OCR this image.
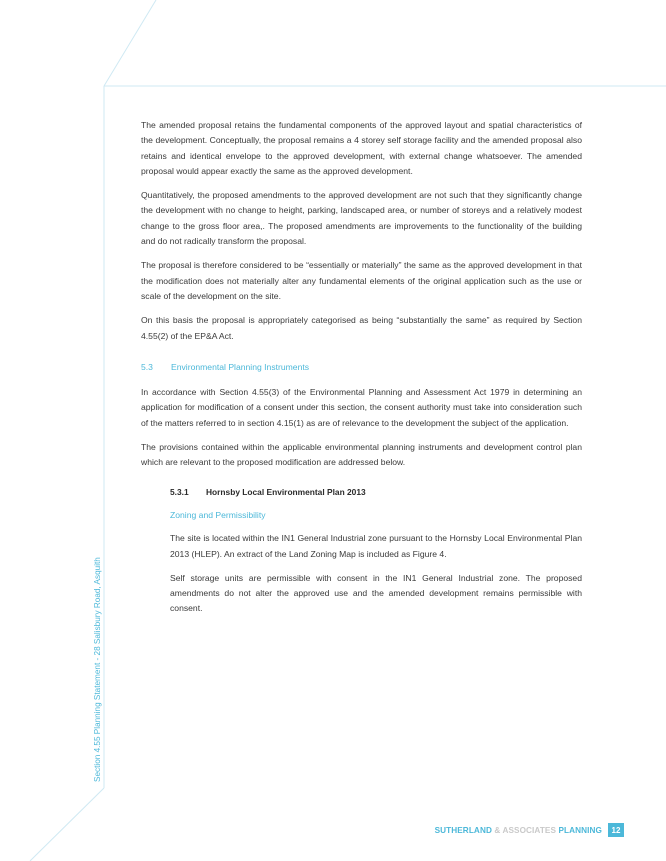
The amended proposal retains the fundamental components of the approved layout and spatial characteristics of the development. Conceptually, the proposal remains a 4 storey self storage facility and the amended proposal also retains and identical envelope to the approved development, with external change whatsoever. The amended proposal would appear exactly the same as the approved development.

Quantitatively, the proposed amendments to the approved development are not such that they significantly change the development with no change to height, parking, landscaped area, or number of storeys and a relatively modest change to the gross floor area,. The proposed amendments are improvements to the functionality of the building and do not radically transform the proposal.

The proposal is therefore considered to be “essentially or materially” the same as the approved development in that the modification does not materially alter any fundamental elements of the original application such as the use or scale of the development on the site.

On this basis the proposal is appropriately categorised as being “substantially the same” as required by Section 4.55(2) of the EP&A Act.

5.3	Environmental Planning Instruments

In accordance with Section 4.55(3) of the Environmental Planning and Assessment Act 1979 in determining an application for modification of a consent under this section, the consent authority must take into consideration such of the matters referred to in section 4.15(1) as are of relevance to the development the subject of the application.

The provisions contained within the applicable environmental planning instruments and development control plan which are relevant to the proposed modification are addressed below.

5.3.1	Hornsby Local Environmental Plan 2013
Zoning and Permissibility

The site is located within the IN1 General Industrial zone pursuant to the Hornsby Local Environmental Plan 2013 (HLEP). An extract of the Land Zoning Map is included as Figure 4.

Self storage units are permissible with consent in the IN1 General Industrial zone. The proposed amendments do not alter the approved use and the amended development remains permissible with consent.

Section 4.55 Planning Statement - 28 Salisbury Road, Asquith
SUTHERLAND & ASSOCIATES PLANNING	12
